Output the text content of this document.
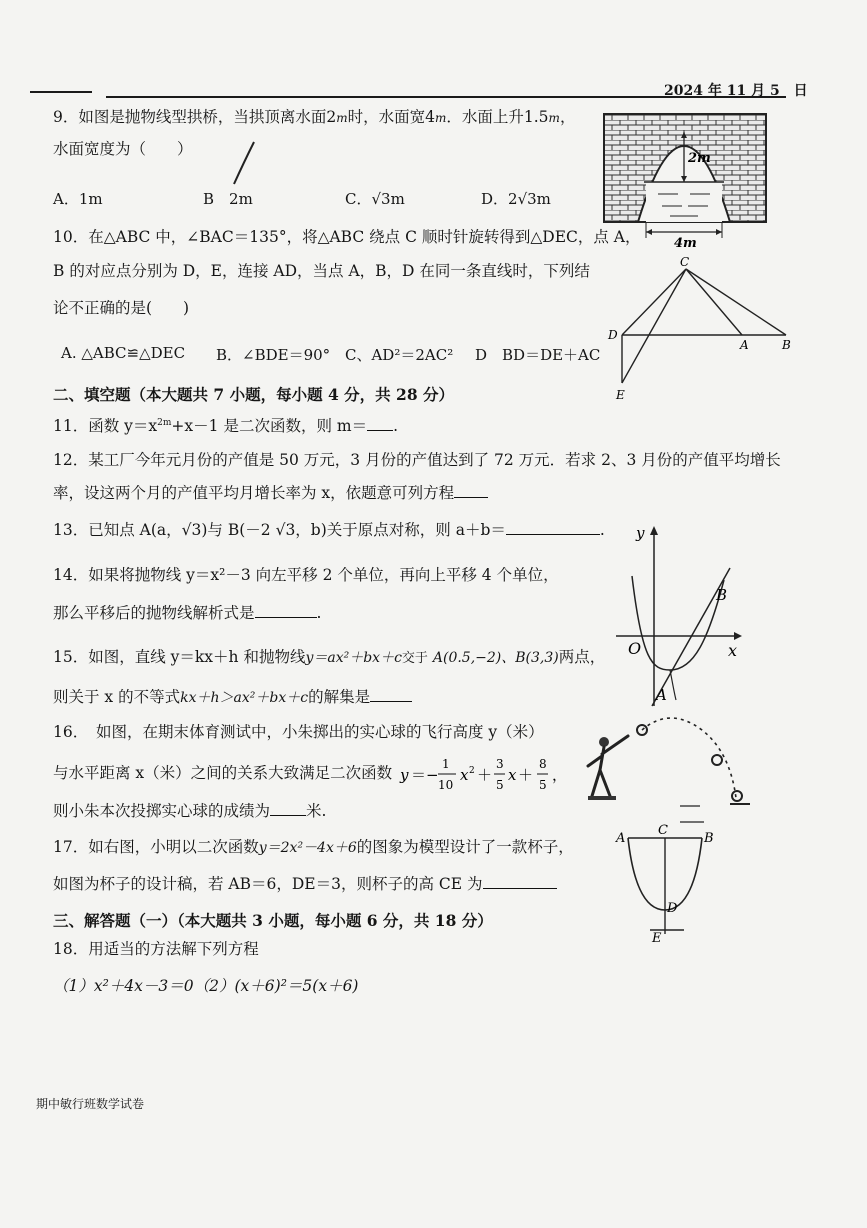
2024 年 11 月 5　日
9．如图是抛物线型拱桥，当拱顶离水面2m时，水面宽4m．水面上升1.5m，
水面宽度为（　　）
A．1m	B　2m	C．√3m	D．2√3m
2m
4m
10．在△ABC 中，∠BAC＝135°，将△ABC 绕点 C 顺时针旋转得到△DEC，点 A，
B 的对应点分别为 D，E，连接 AD，当点 A，B，D 在同一条直线时，下列结
论不正确的是(　　)
A. △ABC≌△DEC B．∠BDE＝90° C、AD²＝2AC² D　BD＝DE＋AC
C
D
A	B
E
二、填空题（本大题共 7 小题，每小题 4 分，共 28 分）
11．函数 $y=x^{2m}+x-1$ 是二次函数，则 m＝ .
12．某工厂今年元月份的产值是 50 万元，3 月份的产值达到了 72 万元．若求 2、3 月份的产值平均增长
率，设这两个月的产值平均月增长率为 x，依题意可列方程
13．已知点 A(a，√3)与 B(－2 √3，b)关于原点对称，则 a＋b＝	.
14．如果将抛物线 y＝x²－3 向左平移 2 个单位，再向上平移 4 个单位，
那么平移后的抛物线解析式是	.
15．如图，直线 y＝kx＋h 和抛物线y＝ax²＋bx＋c交于 A(0.5,−2)、B(3,3)两点，
则关于 x 的不等式kx＋h＞ax²＋bx＋c的解集是
y
x
O
A
B
16．　如图，在期末体育测试中，小朱掷出的实心球的飞行高度 y（米）
与水平距离 x（米）之间的关系大致满足二次函数 y ＝−
1
10
x 2 ＋
3
5
x ＋
8
5
，
则小朱本次投掷实心球的成绩为 米.
17．如右图，小明以二次函数y＝2x²－4x＋6的图象为模型设计了一款杯子，
如图为杯子的设计稿，若 AB＝6，DE＝3，则杯子的高 CE 为
A
C
B
D
E
三、解答题（一）（本大题共 3 小题，每小题 6 分，共 18 分）
18．用适当的方法解下列方程
（1）x²＋4x－3＝0（2）(x＋6)²＝5(x＋6)
期中敏行班数学试卷
